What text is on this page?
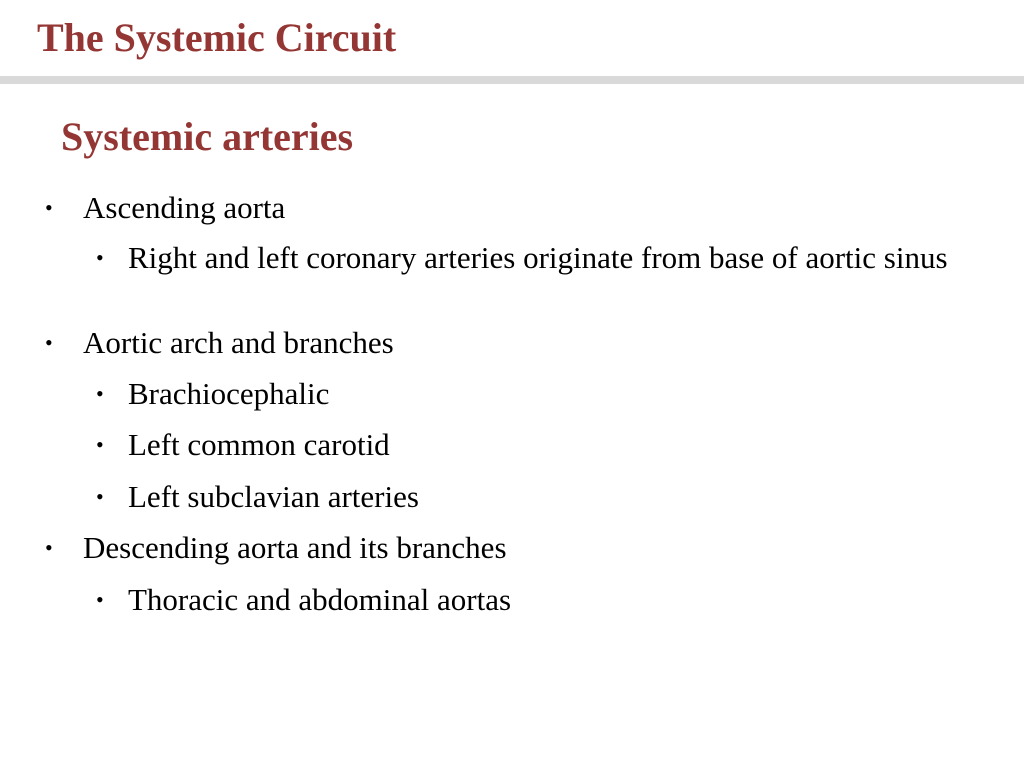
The Systemic Circuit
Systemic arteries
• Ascending aorta
• Right and left coronary arteries originate from base of aortic sinus
• Aortic arch and branches
• Brachiocephalic
• Left common carotid
• Left subclavian arteries
• Descending aorta and its branches
• Thoracic and abdominal aortas
